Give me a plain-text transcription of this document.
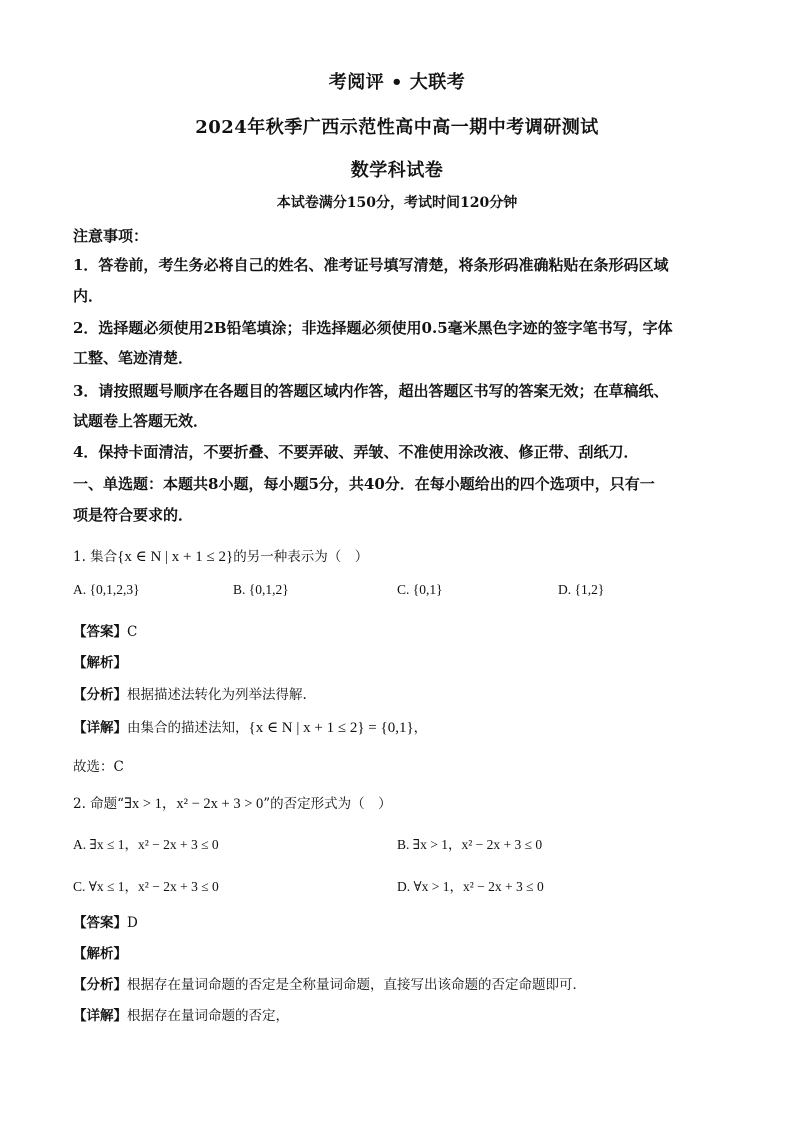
考阅评 • 大联考
2024年秋季广西示范性高中高一期中考调研测试
数学科试卷
本试卷满分150分，考试时间120分钟
注意事项：
1．答卷前，考生务必将自己的姓名、准考证号填写清楚，将条形码准确粘贴在条形码区域
内．
2．选择题必须使用2B铅笔填涂；非选择题必须使用0.5毫米黑色字迹的签字笔书写，字体
工整、笔迹清楚．
3．请按照题号顺序在各题目的答题区域内作答，超出答题区书写的答案无效；在草稿纸、
试题卷上答题无效．
4．保持卡面清洁，不要折叠、不要弄破、弄皱、不准使用涂改液、修正带、刮纸刀．
一、单选题：本题共8小题，每小题5分，共40分．在每小题给出的四个选项中，只有一
项是符合要求的．
1. 集合{x ∈ N | x + 1 ≤ 2}的另一种表示为（　）
A. {0,1,2,3}	B. {0,1,2}	C. {0,1}	D. {1,2}
【答案】C
【解析】
【分析】根据描述法转化为列举法得解.
【详解】由集合的描述法知，{x ∈ N | x + 1 ≤ 2} = {0,1}，
故选：C
2. 命题“∃x > 1，x² − 2x + 3 > 0”的否定形式为（　）
A. ∃x ≤ 1，x² − 2x + 3 ≤ 0	B. ∃x > 1，x² − 2x + 3 ≤ 0
C. ∀x ≤ 1，x² − 2x + 3 ≤ 0	D. ∀x > 1，x² − 2x + 3 ≤ 0
【答案】D
【解析】
【分析】根据存在量词命题的否定是全称量词命题，直接写出该命题的否定命题即可．
【详解】根据存在量词命题的否定，
